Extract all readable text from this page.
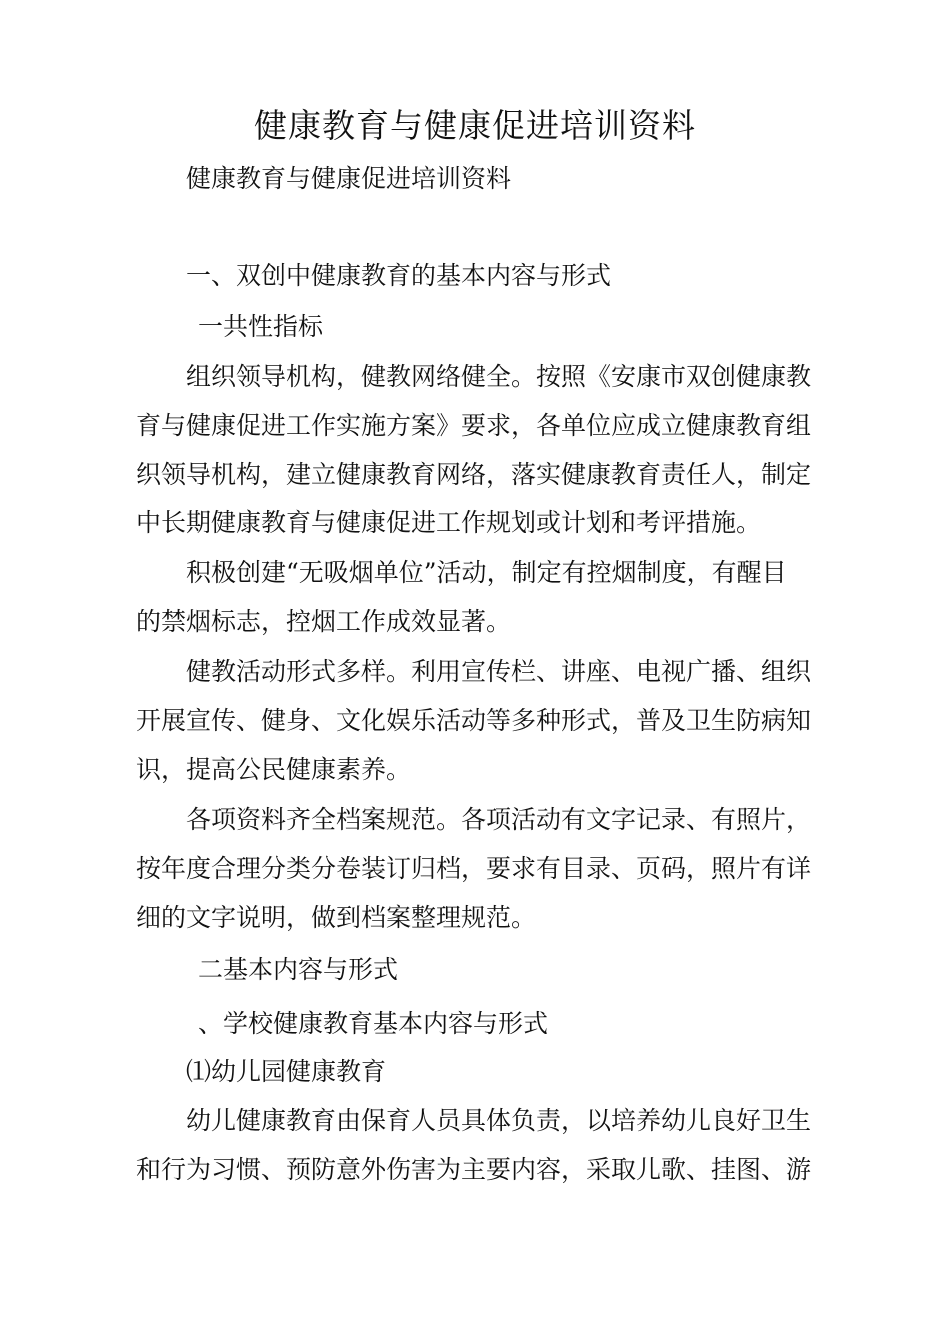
健康教育与健康促进培训资料

健康教育与健康促进培训资料

一、双创中健康教育的基本内容与形式

一共性指标

组织领导机构，健教网络健全。按照《安康市双创健康教

育与健康促进工作实施方案》要求，各单位应成立健康教育组

织领导机构，建立健康教育网络，落实健康教育责任人，制定

中长期健康教育与健康促进工作规划或计划和考评措施。

积极创建“无吸烟单位”活动，制定有控烟制度，有醒目

的禁烟标志，控烟工作成效显著。

健教活动形式多样。利用宣传栏、讲座、电视广播、组织

开展宣传、健身、文化娱乐活动等多种形式，普及卫生防病知

识，提高公民健康素养。

各项资料齐全档案规范。各项活动有文字记录、有照片，

按年度合理分类分卷装订归档，要求有目录、页码，照片有详

细的文字说明，做到档案整理规范。

二基本内容与形式

、学校健康教育基本内容与形式

⑴幼儿园健康教育

幼儿健康教育由保育人员具体负责，以培养幼儿良好卫生

和行为习惯、预防意外伤害为主要内容，采取儿歌、挂图、游
